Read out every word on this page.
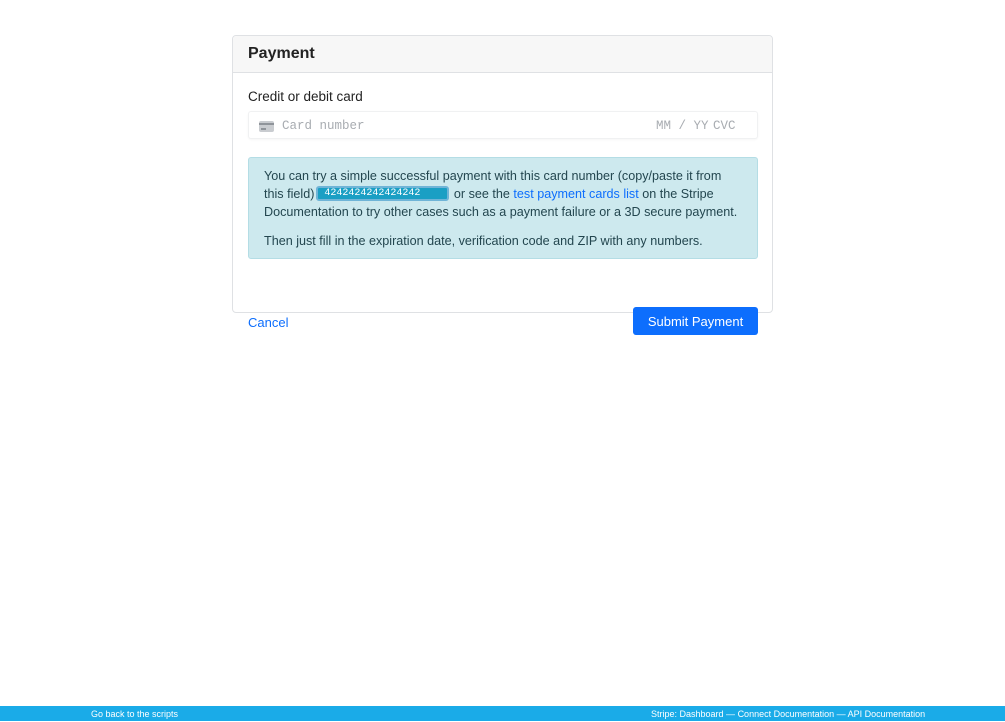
Payment
Credit or debit card
Card number	MM / YY CVC
You can try a simple successful payment with this card number (copy/paste it from this field) 4242424242424242 or see the test payment cards list on the Stripe Documentation to try other cases such as a payment failure or a 3D secure payment.
Then just fill in the expiration date, verification code and ZIP with any numbers.
Cancel	Submit Payment
Go back to the scripts	Stripe: Dashboard — Connect Documentation — API Documentation
